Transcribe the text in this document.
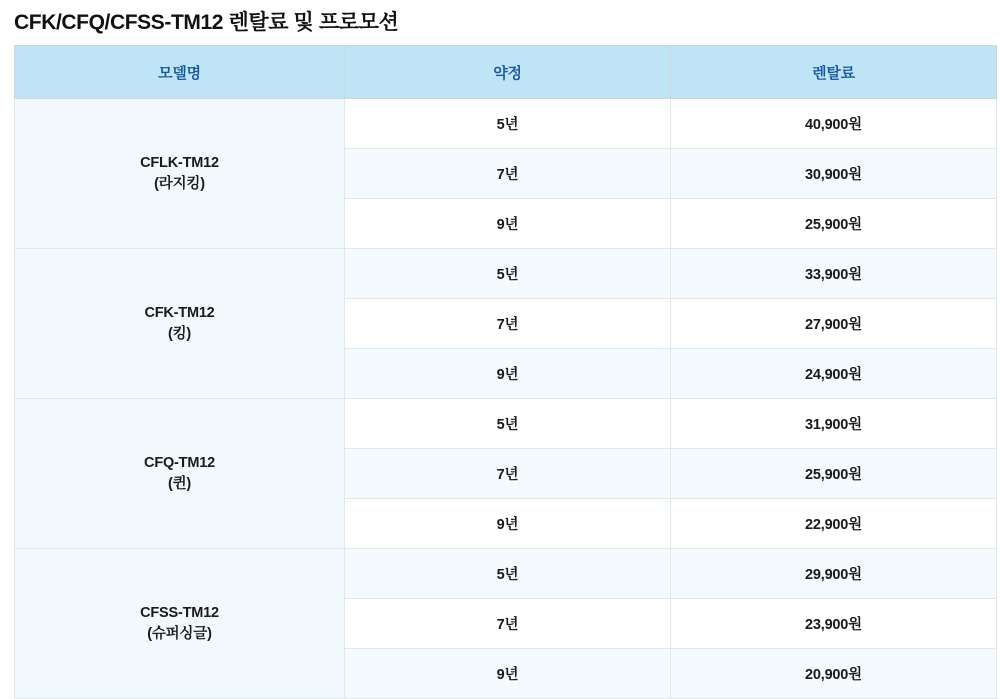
CFK/CFQ/CFSS-TM12 렌탈료 및 프로모션
모델명	약정	렌탈료

CFLK-TM12
(라지킹)	5년	40,900원
	7년	30,900원
	9년	25,900원

CFK-TM12
(킹)	5년	33,900원
	7년	27,900원
	9년	24,900원

CFQ-TM12
(퀸)	5년	31,900원
	7년	25,900원
	9년	22,900원

CFSS-TM12
(슈퍼싱글)	5년	29,900원
	7년	23,900원
	9년	20,900원
